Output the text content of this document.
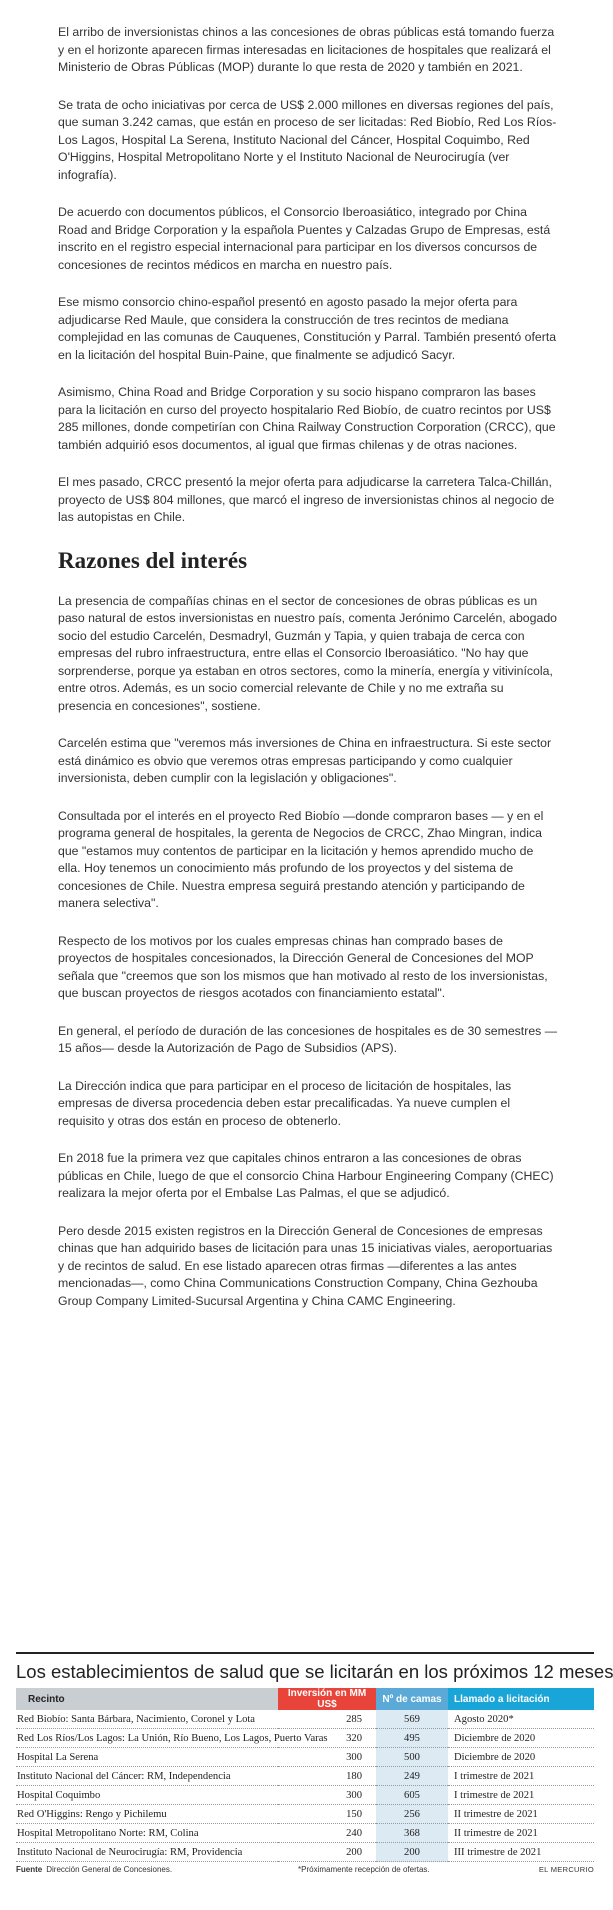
El arribo de inversionistas chinos a las concesiones de obras públicas está tomando fuerza y en el horizonte aparecen firmas interesadas en licitaciones de hospitales que realizará el Ministerio de Obras Públicas (MOP) durante lo que resta de 2020 y también en 2021.

Se trata de ocho iniciativas por cerca de US$ 2.000 millones en diversas regiones del país, que suman 3.242 camas, que están en proceso de ser licitadas: Red Biobío, Red Los Ríos-Los Lagos, Hospital La Serena, Instituto Nacional del Cáncer, Hospital Coquimbo, Red O'Higgins, Hospital Metropolitano Norte y el Instituto Nacional de Neurocirugía (ver infografía).

De acuerdo con documentos públicos, el Consorcio Iberoasiático, integrado por China Road and Bridge Corporation y la española Puentes y Calzadas Grupo de Empresas, está inscrito en el registro especial internacional para participar en los diversos concursos de concesiones de recintos médicos en marcha en nuestro país.

Ese mismo consorcio chino-español presentó en agosto pasado la mejor oferta para adjudicarse Red Maule, que considera la construcción de tres recintos de mediana complejidad en las comunas de Cauquenes, Constitución y Parral. También presentó oferta en la licitación del hospital Buin-Paine, que finalmente se adjudicó Sacyr.

Asimismo, China Road and Bridge Corporation y su socio hispano compraron las bases para la licitación en curso del proyecto hospitalario Red Biobío, de cuatro recintos por US$ 285 millones, donde competirían con China Railway Construction Corporation (CRCC), que también adquirió esos documentos, al igual que firmas chilenas y de otras naciones.

El mes pasado, CRCC presentó la mejor oferta para adjudicarse la carretera Talca-Chillán, proyecto de US$ 804 millones, que marcó el ingreso de inversionistas chinos al negocio de las autopistas en Chile.

Razones del interés

La presencia de compañías chinas en el sector de concesiones de obras públicas es un paso natural de estos inversionistas en nuestro país, comenta Jerónimo Carcelén, abogado socio del estudio Carcelén, Desmadryl, Guzmán y Tapia, y quien trabaja de cerca con empresas del rubro infraestructura, entre ellas el Consorcio Iberoasiático. "No hay que sorprenderse, porque ya estaban en otros sectores, como la minería, energía y vitivinícola, entre otros. Además, es un socio comercial relevante de Chile y no me extraña su presencia en concesiones", sostiene.

Carcelén estima que "veremos más inversiones de China en infraestructura. Si este sector está dinámico es obvio que veremos otras empresas participando y como cualquier inversionista, deben cumplir con la legislación y obligaciones".

Consultada por el interés en el proyecto Red Biobío —donde compraron bases — y en el programa general de hospitales, la gerenta de Negocios de CRCC, Zhao Mingran, indica que "estamos muy contentos de participar en la licitación y hemos aprendido mucho de ella. Hoy tenemos un conocimiento más profundo de los proyectos y del sistema de concesiones de Chile. Nuestra empresa seguirá prestando atención y participando de manera selectiva".

Respecto de los motivos por los cuales empresas chinas han comprado bases de proyectos de hospitales concesionados, la Dirección General de Concesiones del MOP señala que "creemos que son los mismos que han motivado al resto de los inversionistas, que buscan proyectos de riesgos acotados con financiamiento estatal".

En general, el período de duración de las concesiones de hospitales es de 30 semestres —15 años— desde la Autorización de Pago de Subsidios (APS).

La Dirección indica que para participar en el proceso de licitación de hospitales, las empresas de diversa procedencia deben estar precalificadas. Ya nueve cumplen el requisito y otras dos están en proceso de obtenerlo.

En 2018 fue la primera vez que capitales chinos entraron a las concesiones de obras públicas en Chile, luego de que el consorcio China Harbour Engineering Company (CHEC) realizara la mejor oferta por el Embalse Las Palmas, el que se adjudicó.

Pero desde 2015 existen registros en la Dirección General de Concesiones de empresas chinas que han adquirido bases de licitación para unas 15 iniciativas viales, aeroportuarias y de recintos de salud. En ese listado aparecen otras firmas —diferentes a las antes mencionadas—, como China Communications Construction Company, China Gezhouba Group Company Limited-Sucursal Argentina y China CAMC Engineering.

Los establecimientos de salud que se licitarán en los próximos 12 meses
Recinto	Inversión en MM US$	Nº de camas	Llamado a licitación
Red Biobío: Santa Bárbara, Nacimiento, Coronel y Lota	285	569	Agosto 2020*
Red Los Ríos/Los Lagos: La Unión, Río Bueno, Los Lagos, Puerto Varas	320	495	Diciembre de 2020
Hospital La Serena	300	500	Diciembre de 2020
Instituto Nacional del Cáncer: RM, Independencia	180	249	I trimestre de 2021
Hospital Coquimbo	300	605	I trimestre de 2021
Red O'Higgins: Rengo y Pichilemu	150	256	II trimestre de 2021
Hospital Metropolitano Norte: RM, Colina	240	368	II trimestre de 2021
Instituto Nacional de Neurocirugía: RM, Providencia	200	200	III trimestre de 2021
Fuente Dirección General de Concesiones.	*Próximamente recepción de ofertas.	EL MERCURIO
